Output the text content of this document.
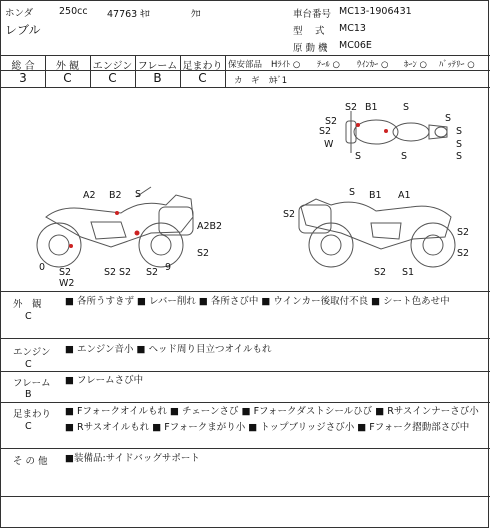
ホンダ
レブル
250cc 47763 ｷﾛ	ｸﾛ	車台番号 MC13-1906431
型　 式 MC13
原 動 機 MC06E
総 合	外 観	エンジン フレーム 足まわり
3	C	C	B	C
保安部品 Hﾗｲﾄ ○ ﾃｰﾙ ○ ｳｲﾝｶｰ ○ ﾎｰﾝ ○ ﾊﾞｯﾃﾘｰ ○
カ　ギ ｶｷﾞ1
S2 B1	S
S
S2
S2
W
S	S
S
S
S
A2 B2 S
A2B2
S2
0 S2
W2
S2 S2 S2 9
S B1 A1
S2
S2
S2
S2 S1
外　観
C
■ 各所うすきず ■ レバー削れ ■ 各所さび中 ■ ウインカー後取付不良 ■ シート色あせ中
エンジン
C
■ エンジン音小 ■ ヘッド周り目立つオイルもれ
フレーム
B
■ フレームさび中
足まわり
C
■ Fフォークオイルもれ ■ チェーンさび ■ Fフォークダストシールひび ■ Rサスインナーさび小 ■ Rサスオイルもれ ■ Fフォークまがり小 ■ トップブリッジさび小 ■ Fフォーク摺動部さび中
そ の 他 ■装備品:サイドバッグサポート
